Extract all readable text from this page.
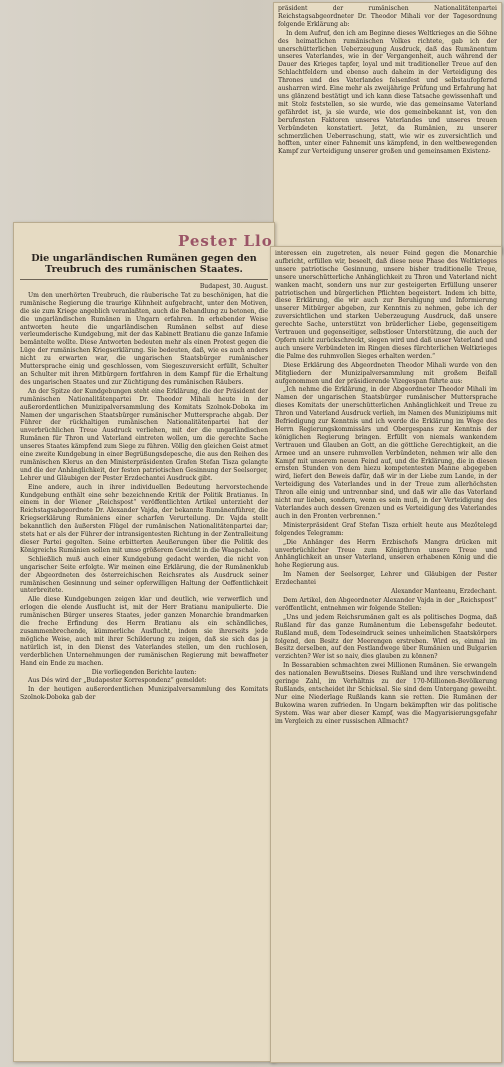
präsident der rumänischen Nationalitätenpartei Reichstagsabgeordneter Dr. Theodor Mihali vor der Tagesordnung folgende Erklärung ab:

In dem Aufruf, den ich am Beginne dieses Weltkrieges an die Söhne des heimatlichen rumänischen Volkes richtete, gab ich der unerschütterlichen Ueberzeugung Ausdruck, daß das Rumänentum unseres Vaterlandes, wie in der Vergangenheit, auch während der Dauer des Krieges tapfer, loyal und mit traditioneller Treue auf den Schlachtfeldern und ebenso auch daheim in der Verteidigung des Thrones und des Vaterlandes felsenfest und selbstaufopfernd ausharren wird. Eine mehr als zweijährige Prüfung und Erfahrung hat uns glänzend bestätigt und ich kann diese Tatsache gewissenhaft und mit Stolz feststellen, so sie wurde, wie das gemeinsame Vaterland gefährdet ist, ja sie wurde, wie dos gemeinbekannt ist, von den berufensten Faktoren unseres Vaterlandes und unseres treuen Verbündeten konstatiert. Jetzt, da Rumänien, zu unserer schmerzlichen Ueberraschung, statt, wie wir es zuversichtlich und hofften, unter einer Fahnemit uns kämpfend, in den weltbewegenden Kampf zur Verteidigung unserer großen und gemeinsamen Existenz-

Die ungarländischen Rumänen gegen den Treubruch des rumänischen Staates.

Budapest, 30. August.

Um den unerhörten Treubruch, die räuberische Tat zu beschönigen, hat die rumänische Regierung die traurige Kühnheit aufgebracht, unter den Motiven, die sie zum Kriege angeblich veranlaßten, auch die Behandlung zu betonen, die die ungarländischen Rumänen in Ungarn erfahren. In erhebender Weise antworten heute die ungarländischen Rumänen selbst auf diese verleumderische Kundgebung, mit der das Kabinett Bratianu die ganze Infamie bemäntelte wollte. Diese Antworten bedeuten mehr als einen Protest gegen die Lüge der rumänischen Kriegserklärung. Sie bedeuten, daß, wie es auch anders nicht zu erwarten war, die ungarischen Staatsbürger rumänischer Muttersprache einig und geschlossen, vom Siegeszuversicht erfüllt, Schulter an Schulter mit ihren Mitbürgern fortfahren in dem Kampf für die Erhaltung des ungarischen Staates und zur Züchtigung des rumänischen Räubers.

An der Spitze der Kundgebungen steht eine Erklärung, die der Präsident der rumänischen Nationalitätenpartei Dr. Theodor Mihali heute in der außerordentlichen Munizipalversammlung des Komitats Szolnok-Doboka im Namen der ungarischen Staatsbürger rumänischer Muttersprache abgab. Der Führer der rückhaltigen rumänischen Nationalitätenpartei hat der unverbrüchlichen Treue Ausdruck verliehen, mit der die ungarländischen Rumänen für Thron und Vaterland eintreten wollen, um die gerechte Sache unseres Staates kämpfend zum Siege zu führen. Völlig den gleichen Geist atmet eine zweite Kundgebung in einer Begrüßungsdepesche, die aus den Reihen des rumänischen Klerus an den Ministerpräsidenten Grafen Stefan Tisza gelangte und die der Anhänglichkeit, der festen patriotischen Gesinnung der Seelsorger, Lehrer und Gläubigen der Pester Erzdechantei Ausdruck gibt.

Eine andere, auch in ihrer individuellen Bedeutung hervorstechende Kundgebung enthält eine sehr bezeichnende Kritik der Politik Bratianus. In einem in der Wiener „Reichspost“ veröffentlichten Artikel unterzieht der Reichstagsabgeordnete Dr. Alexander Vajda, der bekannte Rumänenführer, die Kriegserklärung Rumäniens einer scharfen Verurteilung. Dr. Vajda stellt bekanntlich den äußersten Flügel der rumänischen Nationalitätenpartei dar; stets hat er als der Führer der intransigentesten Richtung in der Zentralleitung dieser Partei gegolten. Seine erbitterten Aeußerungen über die Politik des Königreichs Rumänien sollen mit umso größerem Gewicht in die Waagschale.

Schließlich muß auch einer Kundgebung gedacht werden, die nicht von ungarischer Seite erfolgte. Wir meinen eine Erklärung, die der Rumänenklub der Abgeordneten des österreichischen Reichsrates als Ausdruck seiner rumänischen Gesinnung und seiner opferwilligen Haltung der Oeffentlichkeit unterbreitete.

Alle diese Kundgebungen zeigen klar und deutlich, wie verwerflich und erlogen die elende Ausflucht ist, mit der Herr Bratianu manipulierte. Die rumänischen Bürger unseres Staates, jeder ganzen Monarchie brandmarken die freche Erfindung des Herrn Bratianu als ein schändliches, zusammenbrechende, kümmerliche Ausflucht, indem sie ihrerseits jede mögliche Weise, auch mit ihrer Schilderung zu zeigen, daß sie sich das ja natürlich ist, in den Dienst des Vaterlandes stellen, um den ruchlosen, verderblichen Unternehmungen der rumänischen Regierung mit bewaffneter Hand ein Ende zu machen.

Die vorliegenden Berichte lauten:

Aus Dés wird der „Budapester Korrespondenz“ gemeldet:

In der heutigen außerordentlichen Munizipalversammlung des Komitats Szolnok-Doboka gab der

interessen ein zugetreten, als neuer Feind gegen die Monarchie aufbricht, erfüllen wir, beseelt, daß diese neue Phase des Weltkrieges unsere patriotische Gesinnung, unsere bisher traditionelle Treue, unsere unerschütterliche Anhänglichkeit zu Thron und Vaterland nicht wanken macht, sondern uns nur zur gesteigerten Erfüllung unserer patriotischen und bürgerlichen Pflichten begeistert. Indem ich bitte, diese Erklärung, die wir auch zur Beruhigung und Informierung unserer Mitbürger abgeben, zur Kenntnis zu nehmen, gebe ich der zuversichtlichen und starken Ueberzeugung Ausdruck, daß unsere gerechte Sache, unterstützt von brüderlicher Liebe, gegenseitigem Vertrauen und gegenseitiger, selbstloser Unterstützung, die auch der Opfern nicht zurückschreckt, siegen wird und daß unser Vaterland und auch unsere Verbündeten im Ringen dieses fürchterlichen Weltkrieges die Palme des ruhmvollen Sieges erhalten werden.“

Diese Erklärung des Abgeordneten Theodor Mihali wurde von den Mitgliedern der Munizipalversammlung mit großem Beifall aufgenommen und der präsidierende Vizegespan führte aus:

„Ich nehme die Erklärung, in der Abgeordneter Theodor Mihali im Namen der ungarischen Staatsbürger rumänischer Muttersprache dieses Komitats der unerschütterlichen Anhänglichkeit und Treue zu Thron und Vaterland Ausdruck verlieh, im Namen des Munizipiums mit Befriedigung zur Kenntnis und ich werde die Erklärung im Wege des Herrn Regierungskommissärs und Obergespans zur Kenntnis der königlichen Regierung bringen. Erfüllt von niemals wankendem Vertrauen und Glauben an Gott, an die göttliche Gerechtigkeit, an die Armee und an unsere ruhmvollen Verbündeten, nehmen wir alle den Kampf mit unserem neuen Feind auf, und die Erklärung, die in diesen ernsten Stunden von dem hiezu kompetentesten Manne abgegeben wird, liefert den Beweis dafür, daß wir in der Liebe zum Lande, in der Verteidigung des Vaterlandes und in der Treue zum allerhöchsten Thron alle einig und untrennbar sind, und daß wir alle das Vaterland nicht nur lieben, sondern, wenn es sein muß, in der Verteidigung des Vaterlandes auch dessen Grenzen und es Verteidigung des Vaterlandes auch in den Fronten verbrennen.“

Ministerpräsident Graf Stefan Tisza erhielt heute aus Mezőtelegd folgendes Telegramm:

„Die Anhänger des Herrn Erzbischofs Mangra drücken mit unverbrüchlicher Treue zum Königthron unsere Treue und Anhänglichkeit an unser Vaterland, unseren erhabenen König und die hohe Regierung aus.

Im Namen der Seelsorger, Lehrer und Gläubigen der Pester Erzdechantei

Alexander Manteanu, Erzdechant.

Dem Artikel, den Abgeordneter Alexander Vajda in der „Reichspost“ veröffentlicht, entnehmen wir folgende Stellen:

„Uns und jedem Reichsrumänen galt es als politisches Dogma, daß Rußland für das ganze Rumänentum die Lebensgefahr bedeutet. Rußland muß, dem Todeseindruck seines unheimlichen Staatskörpers folgend, den Besitz der Meerengen erstreben. Wird es, einmal im Besitz derselben, auf den Festlandwege über Rumänien und Bulgarien verzichten? Wer ist so naiv, dies glauben zu können?

In Bessarabien schmachten zwei Millionen Rumänen. Sie erwangeln des nationalen Bewußtseins. Dieses Rußland und ihre verschwindend geringe Zahl, im Verhältnis zu der 170-Millionen-Bevölkerung Rußlands, entscheidet ihr Schicksal. Sie sind dem Untergang geweiht. Nur eine Niederlage Rußlands kann sie retten. Die Rumänen der Bukowina waren zufrieden. In Ungarn bekämpften wir das politische System. Was war aber dieser Kampf, was die Magyarisierungsgefahr im Vergleich zu einer russischen Allmacht?

Pester Llo
